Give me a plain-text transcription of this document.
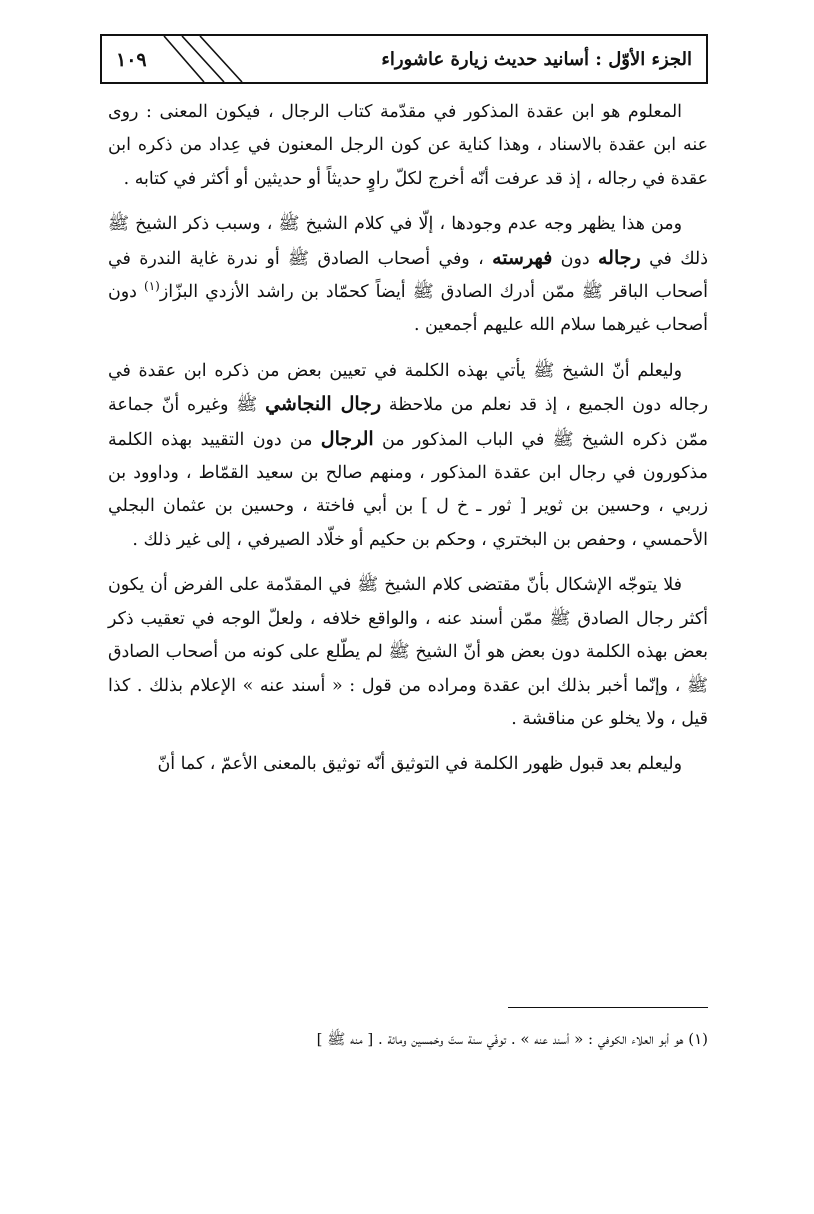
الجزء الأوّل : أسانيد حديث زيارة عاشوراء
١٠٩

المعلوم هو ابن عقدة المذكور في مقدّمة كتاب الرجال ، فيكون المعنى : روى عنه ابن عقدة بالاسناد ، وهذا كناية عن كون الرجل المعنون في عِداد من ذكره ابن عقدة في رجاله ، إذ قد عرفت أنّه أخرج لكلّ راوٍ حديثاً أو حديثين أو أكثر في كتابه .

ومن هذا يظهر وجه عدم وجودها ، إلّا في كلام الشيخ ﷺ ، وسبب ذكر الشيخ ﷺ ذلك في رجاله دون فهرسته ، وفي أصحاب الصادق ﷺ أو ندرة غاية الندرة في أصحاب الباقر ﷺ ممّن أدرك الصادق ﷺ أيضاً كحمّاد بن راشد الأزدي البزّاز$^{(١)}$ دون أصحاب غيرهما سلام الله عليهم أجمعين .

وليعلم أنّ الشيخ ﷺ يأتي بهذه الكلمة في تعيين بعض من ذكره ابن عقدة في رجاله دون الجميع ، إذ قد نعلم من ملاحظة رجال النجاشي ﷺ وغيره أنّ جماعة ممّن ذكره الشيخ ﷺ في الباب المذكور من الرجال من دون التقييد بهذه الكلمة مذكورون في رجال ابن عقدة المذكور ، ومنهم صالح بن سعيد القمّاط ، وداوود بن زربي ، وحسين بن ثوير [ ثور ـ خ ل ] بن أبي فاختة ، وحسين بن عثمان البجلي الأحمسي ، وحفص بن البختري ، وحكم بن حكيم أو خلّاد الصيرفي ، إلى غير ذلك .

فلا يتوجّه الإشكال بأنّ مقتضى كلام الشيخ ﷺ في المقدّمة على الفرض أن يكون أكثر رجال الصادق ﷺ ممّن أسند عنه ، والواقع خلافه ، ولعلّ الوجه في تعقيب ذكر بعض بهذه الكلمة دون بعض هو أنّ الشيخ ﷺ لم يطّلع على كونه من أصحاب الصادق ﷺ ، وإنّما أخبر بذلك ابن عقدة ومراده من قول : « أسند عنه » الإعلام بذلك . كذا قيل ، ولا يخلو عن مناقشة .

وليعلم بعد قبول ظهور الكلمة في التوثيق أنّه توثيق بالمعنى الأعمّ ، كما أنّ

(١) هو أبو العلاء الكوفي : « أسند عنه » . توفّي سنة ستّ وخمسين ومائة . [ منه ﷺ ]
